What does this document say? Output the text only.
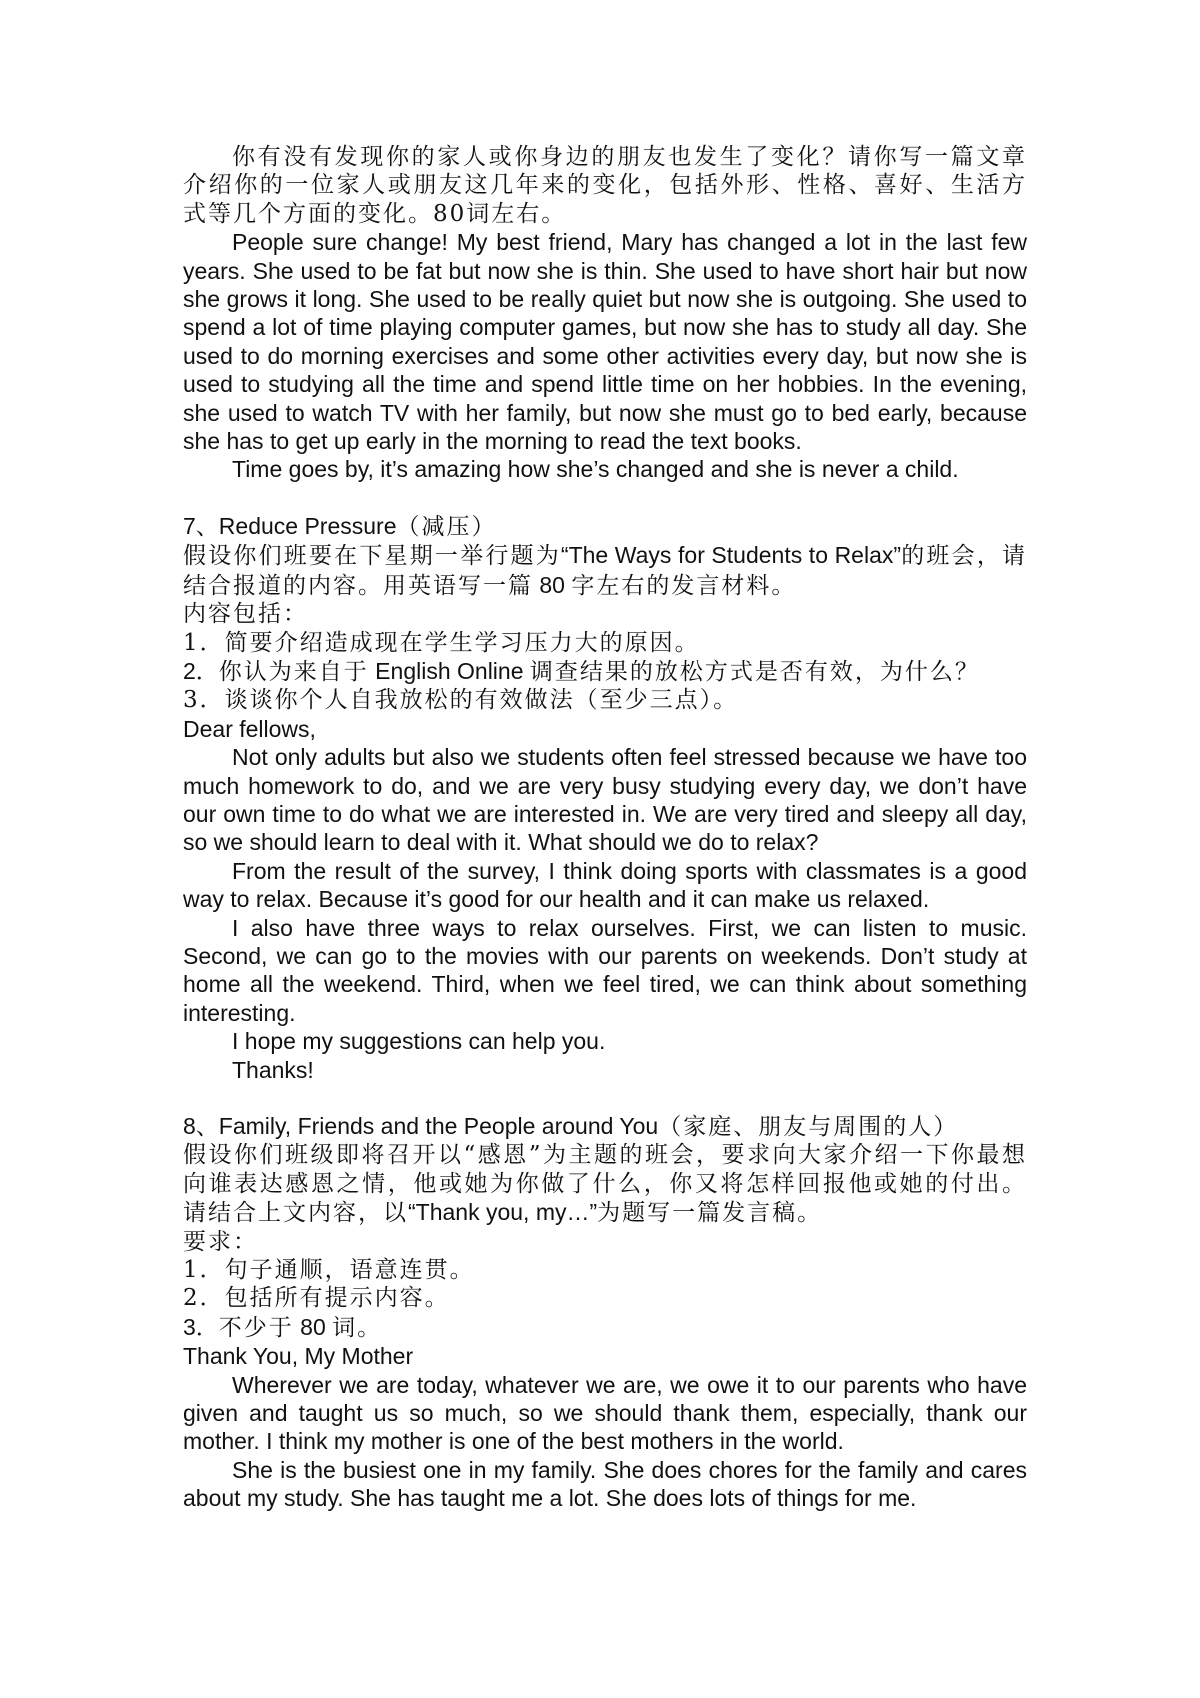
你有没有发现你的家人或你身边的朋友也发生了变化？请你写一篇文章介绍你的一位家人或朋友这几年来的变化，包括外形、性格、喜好、生活方式等几个方面的变化。80词左右。

People sure change! My best friend, Mary has changed a lot in the last few years. She used to be fat but now she is thin. She used to have short hair but now she grows it long. She used to be really quiet but now she is outgoing. She used to spend a lot of time playing computer games, but now she has to study all day. She used to do morning exercises and some other activities every day, but now she is used to studying all the time and spend little time on her hobbies. In the evening, she used to watch TV with her family, but now she must go to bed early, because she has to get up early in the morning to read the text books.

Time goes by, it’s amazing how she’s changed and she is never a child.

7、Reduce Pressure（减压）

假设你们班要在下星期一举行题为“The Ways for Students to Relax”的班会，请结合报道的内容。用英语写一篇 80 字左右的发言材料。

内容包括：

1．简要介绍造成现在学生学习压力大的原因。

2．你认为来自于 English Online 调查结果的放松方式是否有效，为什么？

3．谈谈你个人自我放松的有效做法（至少三点）。

Dear fellows,

Not only adults but also we students often feel stressed because we have too much homework to do, and we are very busy studying every day, we don’t have our own time to do what we are interested in. We are very tired and sleepy all day, so we should learn to deal with it. What should we do to relax?

From the result of the survey, I think doing sports with classmates is a good way to relax. Because it’s good for our health and it can make us relaxed.

I also have three ways to relax ourselves. First, we can listen to music. Second, we can go to the movies with our parents on weekends. Don’t study at home all the weekend. Third, when we feel tired, we can think about something interesting.

I hope my suggestions can help you.

Thanks!

8、Family, Friends and the People around You（家庭、朋友与周围的人）

假设你们班级即将召开以“感恩”为主题的班会，要求向大家介绍一下你最想向谁表达感恩之情，他或她为你做了什么，你又将怎样回报他或她的付出。请结合上文内容，以“Thank you, my…”为题写一篇发言稿。

要求：

1．句子通顺，语意连贯。

2．包括所有提示内容。

3．不少于 80 词。

Thank You, My Mother

Wherever we are today, whatever we are, we owe it to our parents who have given and taught us so much, so we should thank them, especially, thank our mother. I think my mother is one of the best mothers in the world.

She is the busiest one in my family. She does chores for the family and cares about my study. She has taught me a lot. She does lots of things for me.
